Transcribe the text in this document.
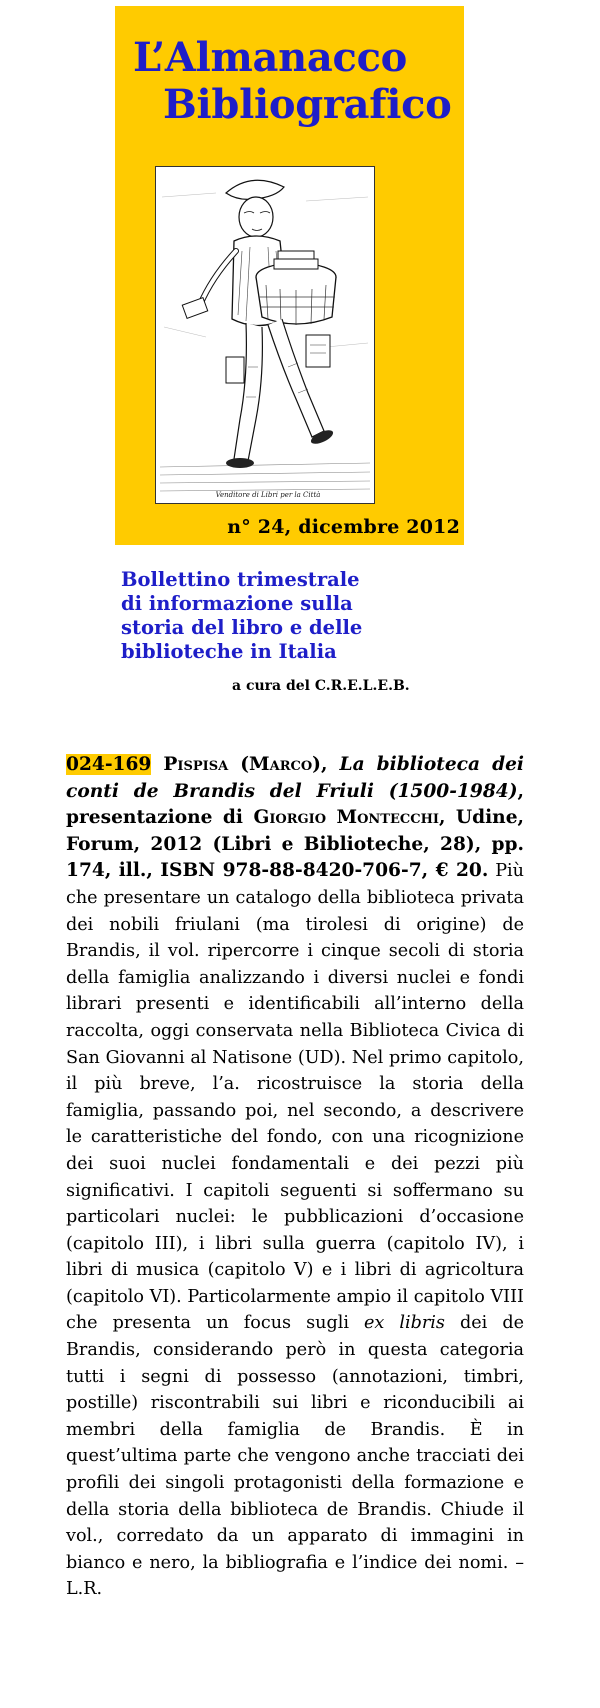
L’Almanacco
Bibliografico
Venditore di Libri per la Città
n° 24, dicembre 2012
Bollettino trimestrale
di informazione sulla
storia del libro e delle
biblioteche in Italia
a cura del C.R.E.L.E.B.

024-169 Pispisa (Marco), La biblioteca dei conti de Brandis del Friuli (1500-1984), presentazione di Giorgio Montecchi, Udine, Forum, 2012 (Libri e Biblioteche, 28), pp. 174, ill., ISBN 978-88-8420-706-7, € 20. Più che presentare un catalogo della biblioteca privata dei nobili friulani (ma tirolesi di origine) de Brandis, il vol. ripercorre i cinque secoli di storia della famiglia analizzando i diversi nuclei e fondi librari presenti e identificabili all’interno della raccolta, oggi conservata nella Biblioteca Civica di San Giovanni al Natisone (UD). Nel primo capitolo, il più breve, l’a. ricostruisce la storia della famiglia, passando poi, nel secondo, a descrivere le caratteristiche del fondo, con una ricognizione dei suoi nuclei fondamentali e dei pezzi più significativi. I capitoli seguenti si soffermano su particolari nuclei: le pubblicazioni d’occasione (capitolo III), i libri sulla guerra (capitolo IV), i libri di musica (capitolo V) e i libri di agricoltura (capitolo VI). Particolarmente ampio il capitolo VIII che presenta un focus sugli ex libris dei de Brandis, considerando però in questa categoria tutti i segni di possesso (annotazioni, timbri, postille) riscontrabili sui libri e riconducibili ai membri della famiglia de Brandis. È in quest’ultima parte che vengono anche tracciati dei profili dei singoli protagonisti della formazione e della storia della biblioteca de Brandis. Chiude il vol., corredato da un apparato di immagini in bianco e nero, la bibliografia e l’indice dei nomi. – L.R.
